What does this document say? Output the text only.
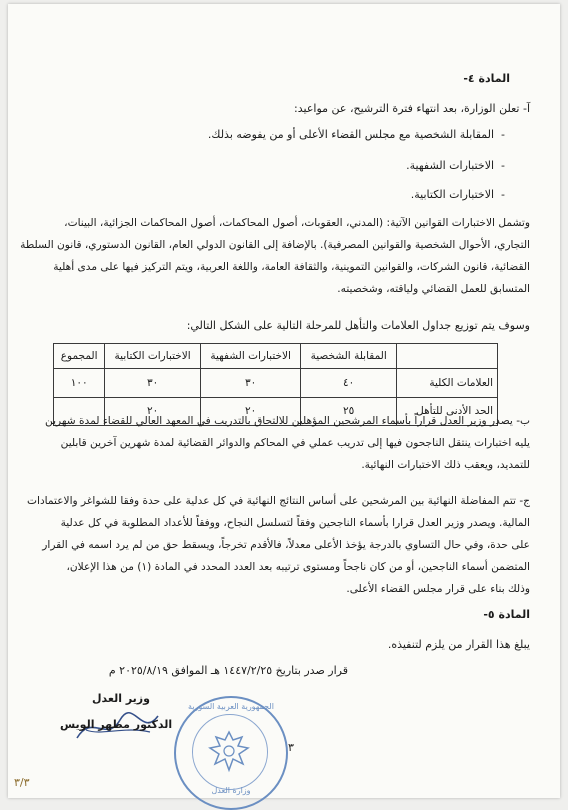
المادة ٤-
آ- تعلن الوزارة، بعد انتهاء فترة الترشيح، عن مواعيد:
-  المقابلة الشخصية مع مجلس القضاء الأعلى أو من يفوضه بذلك.
-  الاختبارات الشفهية.
-  الاختبارات الكتابية.
وتشمل الاختبارات القوانين الآتية: (المدني، العقوبات، أصول المحاكمات، أصول المحاكمات الجزائية، البينات،
التجاري، الأحوال الشخصية والقوانين المصرفية). بالإضافة إلى القانون الدولي العام، القانون الدستوري، قانون السلطة
القضائية، قانون الشركات، والقوانين التموينية، والثقافة العامة، واللغة العربية، ويتم التركيز فيها على مدى أهلية
المتسابق للعمل القضائي ولياقته، وشخصيته.
وسوف يتم توزيع جداول العلامات والتأهل للمرحلة التالية على الشكل التالي:
	المقابلة الشخصية	الاختبارات الشفهية	الاختبارات الكتابية	المجموع
العلامات الكلية	٤٠	٣٠	٣٠	١٠٠
الحد الأدنى للتأهل	٢٥	٢٠	٢٠	
ب- يصدر وزير العدل قراراً بأسماء المرشحين المؤهلين للالتحاق بالتدريب في المعهد العالي للقضاء لمدة شهرين
يليه اختبارات ينتقل الناجحون فيها إلى تدريب عملي في المحاكم والدوائر القضائية لمدة شهرين آخرين قابلين
للتمديد، ويعقب ذلك الاختبارات النهائية.
ج- تتم المفاضلة النهائية بين المرشحين على أساس النتائج النهائية في كل عدلية على حدة وفقا للشواغر والاعتمادات
المالية. ويصدر وزير العدل قرارا بأسماء الناجحين وفقاً لتسلسل النجاح، ووفقاً للأعداد المطلوبة في كل عدلية
على حدة، وفي حال التساوي بالدرجة يؤخذ الأعلى معدلاً، فالأقدم تخرجاً، ويسقط حق من لم يرد اسمه في القرار
المتضمن أسماء الناجحين، أو من كان ناجحاً ومستوى ترتيبه بعد العدد المحدد في المادة (١) من هذا الإعلان،
وذلك بناء على قرار مجلس القضاء الأعلى.
المادة ٥-
يبلغ هذا القرار من يلزم لتنفيذه.
قرار صدر بتاريخ ١٤٤٧/٢/٢٥ هـ الموافق ٢٠٢٥/٨/١٩ م
وزير العدل
الدكتور مظهر الويس
الجمهورية العربية السورية
وزارة العدل
٣
٣/٣
